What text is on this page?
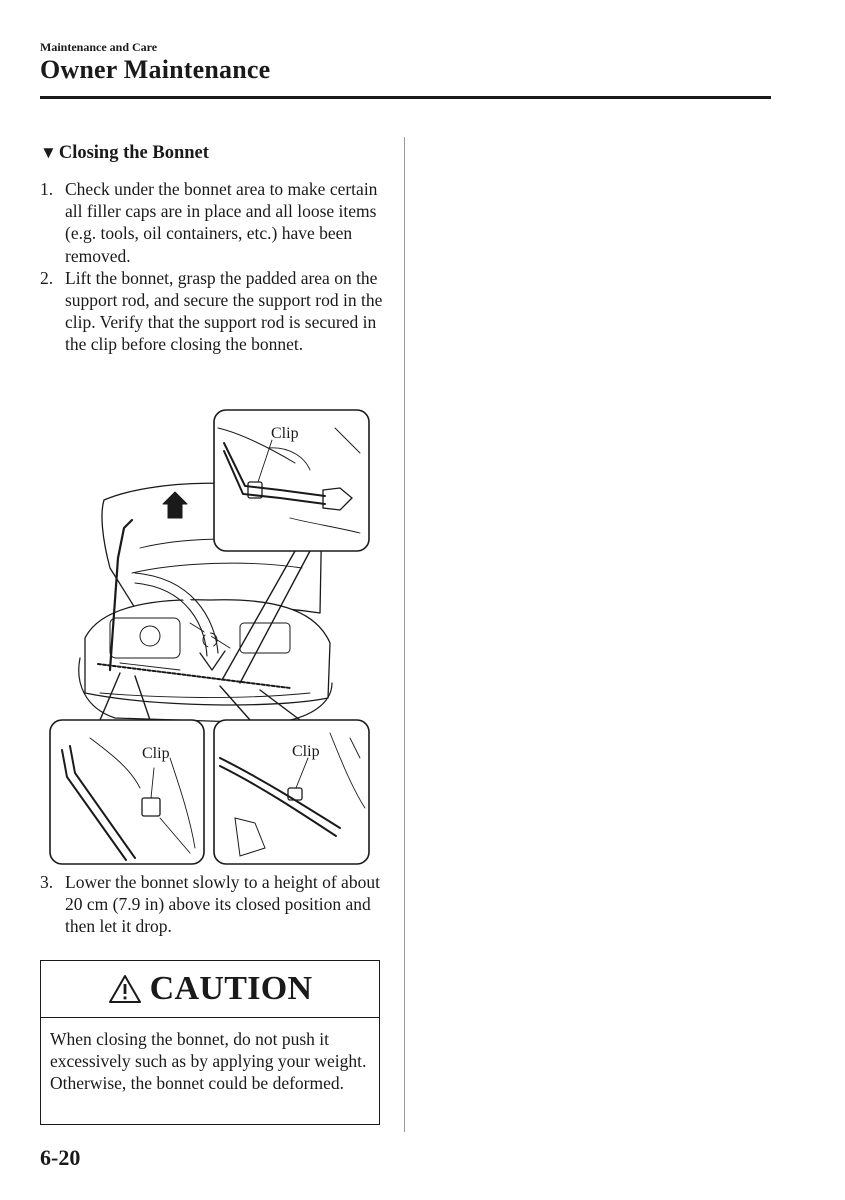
Maintenance and Care
Owner Maintenance
▼ Closing the Bonnet
1. Check under the bonnet area to make certain all filler caps are in place and all loose items (e.g. tools, oil containers, etc.) have been removed.
2. Lift the bonnet, grasp the padded area on the support rod, and secure the support rod in the clip. Verify that the support rod is secured in the clip before closing the bonnet.
Clip
Clip	Clip
3. Lower the bonnet slowly to a height of about 20 cm (7.9 in) above its closed position and then let it drop.
CAUTION
When closing the bonnet, do not push it excessively such as by applying your weight. Otherwise, the bonnet could be deformed.
6-20
